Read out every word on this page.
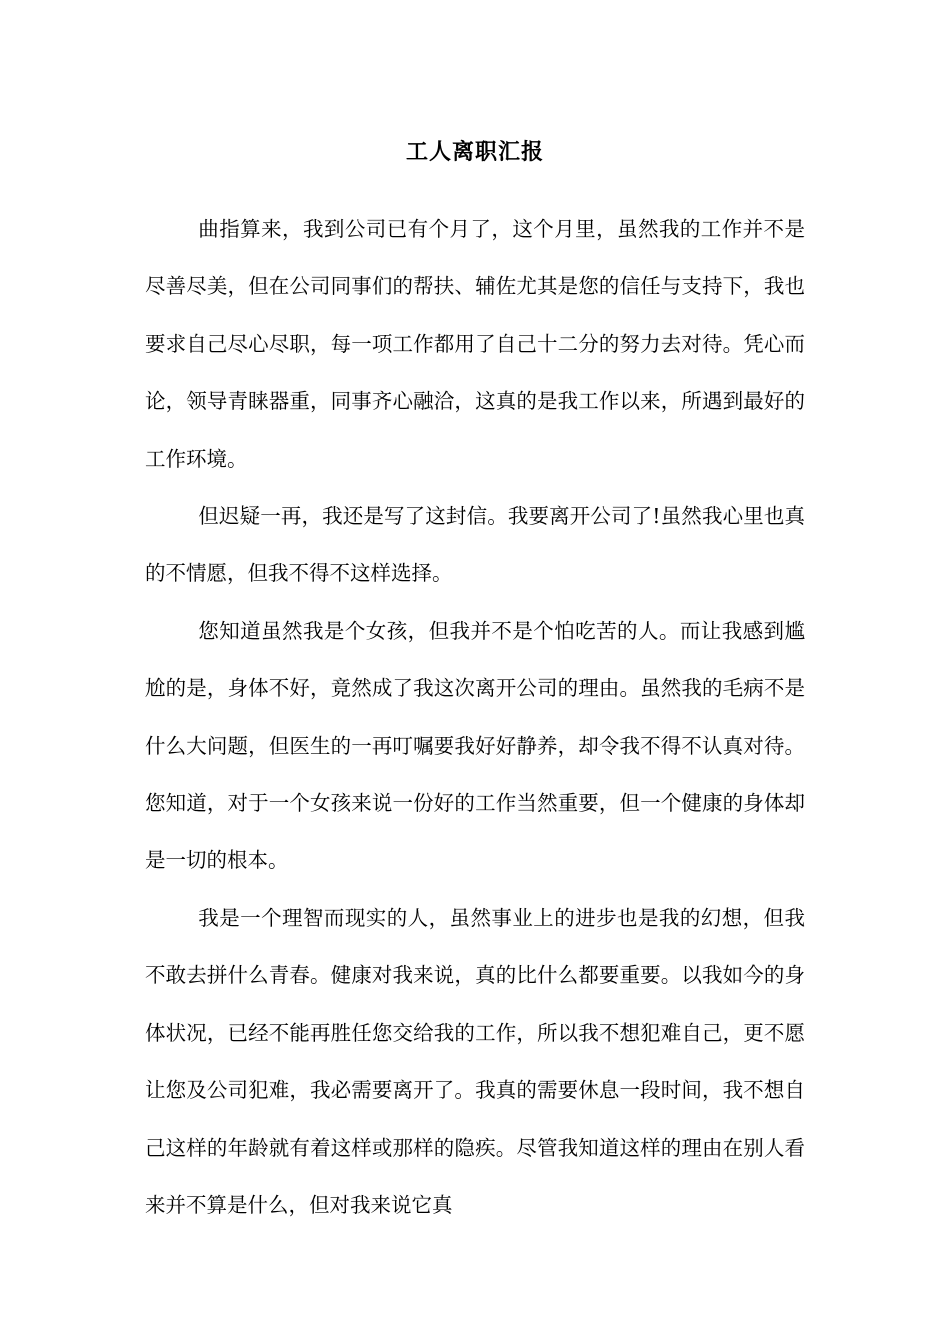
工人离职汇报

曲指算来，我到公司已有个月了，这个月里，虽然我的工作并不是尽善尽美，但在公司同事们的帮扶、辅佐尤其是您的信任与支持下，我也要求自己尽心尽职，每一项工作都用了自己十二分的努力去对待。凭心而论，领导青睐器重，同事齐心融洽，这真的是我工作以来，所遇到最好的工作环境。

但迟疑一再，我还是写了这封信。我要离开公司了!虽然我心里也真的不情愿，但我不得不这样选择。

您知道虽然我是个女孩，但我并不是个怕吃苦的人。而让我感到尴尬的是，身体不好，竟然成了我这次离开公司的理由。虽然我的毛病不是什么大问题，但医生的一再叮嘱要我好好静养，却令我不得不认真对待。您知道，对于一个女孩来说一份好的工作当然重要，但一个健康的身体却是一切的根本。

我是一个理智而现实的人，虽然事业上的进步也是我的幻想，但我不敢去拼什么青春。健康对我来说，真的比什么都要重要。以我如今的身体状况，已经不能再胜任您交给我的工作，所以我不想犯难自己，更不愿让您及公司犯难，我必需要离开了。我真的需要休息一段时间，我不想自己这样的年龄就有着这样或那样的隐疾。尽管我知道这样的理由在别人看来并不算是什么，但对我来说它真
